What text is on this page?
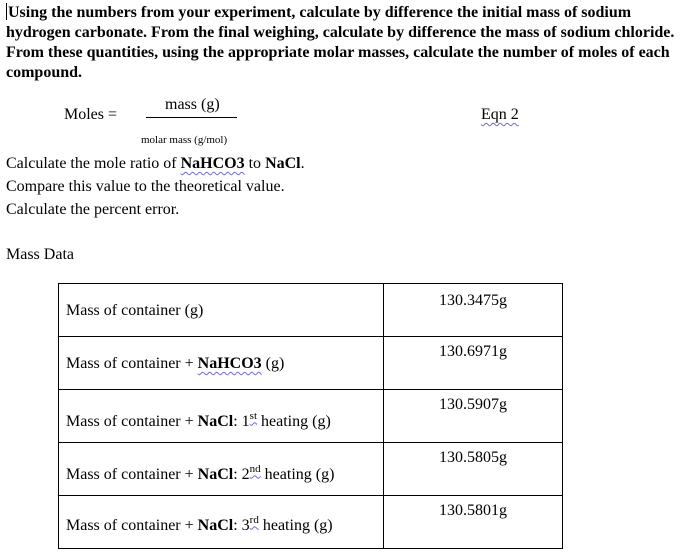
Using the numbers from your experiment, calculate by difference the initial mass of sodium hydrogen carbonate. From the final weighing, calculate by difference the mass of sodium chloride. From these quantities, using the appropriate molar masses, calculate the number of moles of each compound.
Moles =
mass (g)
molar mass (g/mol)
Eqn 2
Calculate the mole ratio of NaHCO3 to NaCl.
Compare this value to the theoretical value.
Calculate the percent error.
Mass Data
Mass of container (g)	130.3475g

Mass of container + NaHCO3 (g)	130.6971g

Mass of container + NaCl: 1st heating (g)	130.5907g

Mass of container + NaCl: 2nd heating (g)	130.5805g

Mass of container + NaCl: 3rd heating (g)	130.5801g
